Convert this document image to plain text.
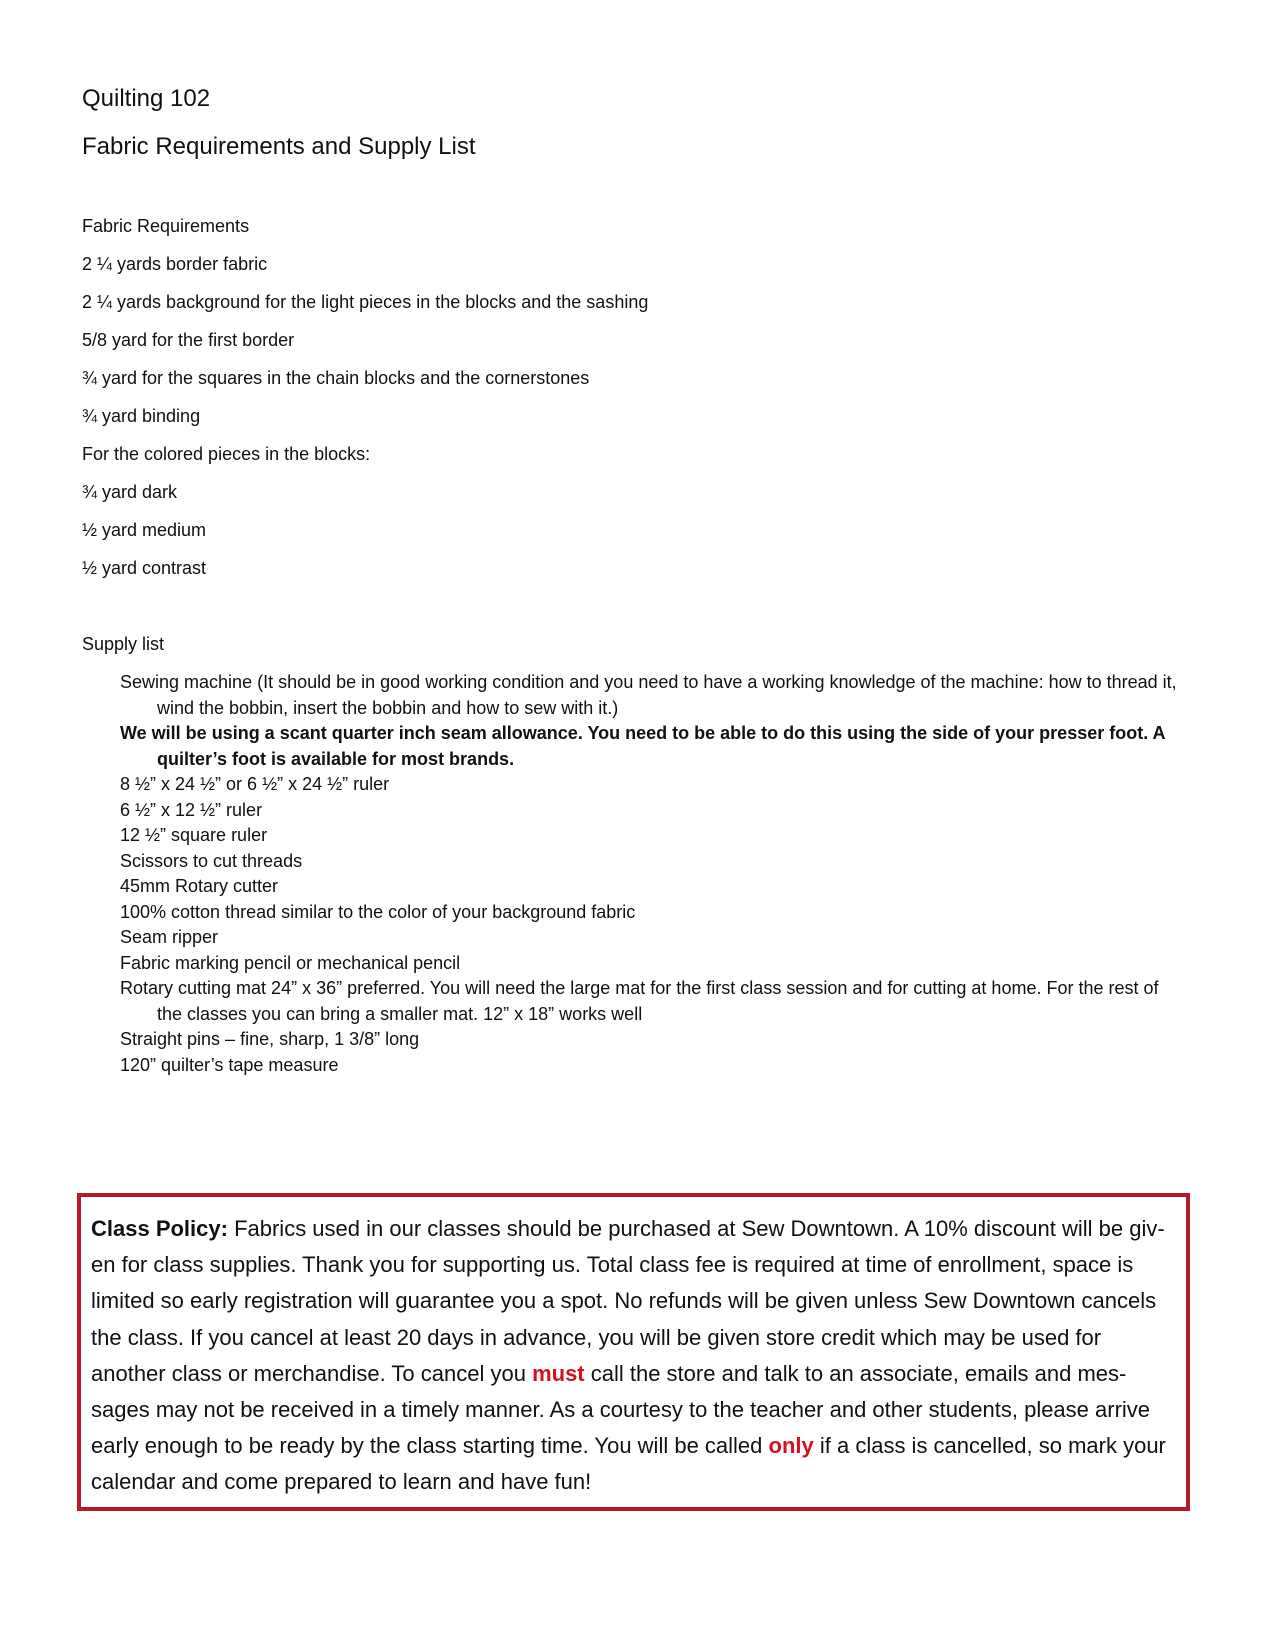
Quilting 102
Fabric Requirements and Supply List

Fabric Requirements

2 ¼ yards border fabric

2 ¼ yards background for the light pieces in the blocks and the sashing

5/8 yard for the first border

¾ yard for the squares in the chain blocks and the cornerstones

¾ yard binding

For the colored pieces in the blocks:

¾ yard dark

½ yard medium

½ yard contrast

Supply list

Sewing machine (It should be in good working condition and you need to have a working knowledge of the machine: how to thread it, wind the bobbin, insert the bobbin and how to sew with it.)
We will be using a scant quarter inch seam allowance. You need to be able to do this using the side of your presser foot. A quilter’s foot is available for most brands.
8 ½” x 24 ½” or 6 ½” x 24 ½” ruler
6 ½” x 12 ½” ruler
12 ½” square ruler
Scissors to cut threads
45mm Rotary cutter
100% cotton thread similar to the color of your background fabric
Seam ripper
Fabric marking pencil or mechanical pencil
Rotary cutting mat 24” x 36” preferred. You will need the large mat for the first class session and for cutting at home. For the rest of the classes you can bring a smaller mat. 12” x 18” works well
Straight pins – fine, sharp, 1 3/8” long
120” quilter’s tape measure

Class Policy: Fabrics used in our classes should be purchased at Sew Downtown. A 10% discount will be given for class supplies. Thank you for supporting us. Total class fee is required at time of enrollment, space is limited so early registration will guarantee you a spot. No refunds will be given unless Sew Downtown cancels the class. If you cancel at least 20 days in advance, you will be given store credit which may be used for another class or merchandise. To cancel you must call the store and talk to an associate, emails and messages may not be received in a timely manner. As a courtesy to the teacher and other students, please arrive early enough to be ready by the class starting time. You will be called only if a class is cancelled, so mark your calendar and come prepared to learn and have fun!
